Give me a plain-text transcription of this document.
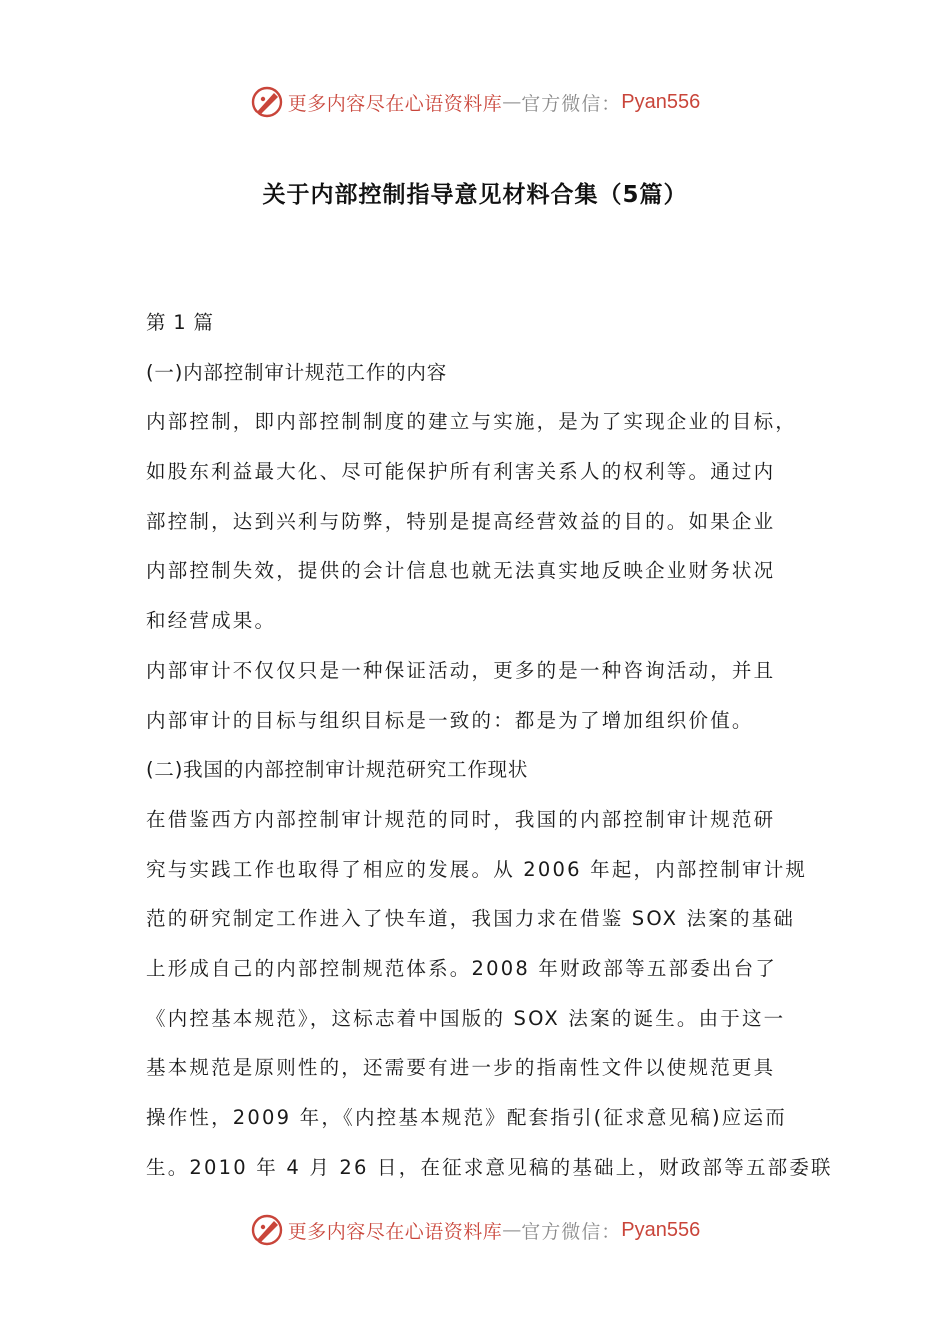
更多内容尽在心语资料库 — 官方微信： Pyan556
关于内部控制指导意见材料合集（5篇）
第 1 篇
(一)内部控制审计规范工作的内容
内部控制，即内部控制制度的建立与实施，是为了实现企业的目标，
如股东利益最大化、尽可能保护所有利害关系人的权利等。通过内
部控制，达到兴利与防弊，特别是提高经营效益的目的。如果企业
内部控制失效，提供的会计信息也就无法真实地反映企业财务状况
和经营成果。
内部审计不仅仅只是一种保证活动，更多的是一种咨询活动，并且
内部审计的目标与组织目标是一致的：都是为了增加组织价值。
(二)我国的内部控制审计规范研究工作现状
在借鉴西方内部控制审计规范的同时，我国的内部控制审计规范研
究与实践工作也取得了相应的发展。从 2006 年起，内部控制审计规
范的研究制定工作进入了快车道，我国力求在借鉴 SOX 法案的基础
上形成自己的内部控制规范体系。2008 年财政部等五部委出台了
《内控基本规范》，这标志着中国版的 SOX 法案的诞生。由于这一
基本规范是原则性的，还需要有进一步的指南性文件以使规范更具
操作性，2009 年，《内控基本规范》配套指引(征求意见稿)应运而
生。2010 年 4 月 26 日，在征求意见稿的基础上，财政部等五部委联
更多内容尽在心语资料库 — 官方微信： Pyan556
